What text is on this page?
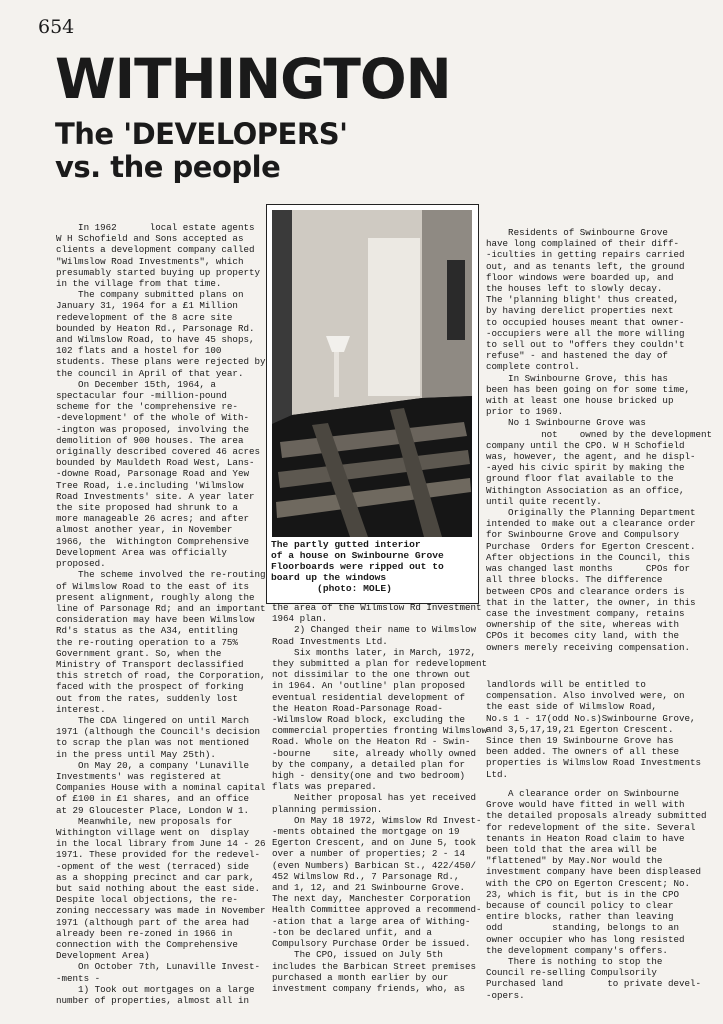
654
WITHINGTON
The 'DEVELOPERS'
vs. the people
In 1962      local estate agents
W H Schofield and Sons accepted as
clients a development company called
"Wilmslow Road Investments", which
presumably started buying up property
in the village from that time.
The company submitted plans on
January 31, 1964 for a £1 Million
redevelopment of the 8 acre site
bounded by Heaton Rd., Parsonage Rd.
and Wilmslow Road, to have 45 shops,
102 flats and a hostel for 100
students. These plans were rejected by
the council in April of that year.
On December 15th, 1964, a
spectacular four -million-pound
scheme for the 'comprehensive re-
-development' of the whole of With-
-ington was proposed, involving the
demolition of 900 houses. The area
originally described covered 46 acres
bounded by Mauldeth Road West, Lans-
-downe Road, Parsonage Road and Yew
Tree Road, i.e.including 'Wilmslow
Road Investments' site. A year later
the site proposed had shrunk to a
more manageable 26 acres; and after
almost another year, in November
1966, the  Withington Comprehensive
Development Area was officially
proposed.
The scheme involved the re-routing
of Wilmslow Road to the east of its
present alignment, roughly along the
line of Parsonage Rd; and an important
consideration may have been Wilmslow
Rd's status as the A34, entitling
the re-routing operation to a 75%
Government grant. So, when the
Ministry of Transport declassified
this stretch of road, the Corporation,
faced with the prospect of forking
out from the rates, suddenly lost
interest.
The CDA lingered on until March
1971 (although the Council's decision
to scrap the plan was not mentioned
in the press until May 25th).
On May 20, a company 'Lunaville
Investments' was registered at
Companies House with a nominal capital
of £100 in £1 shares, and an office
at 29 Gloucester Place, London W 1.
Meanwhile, new proposals for
Withington village went on  display
in the local library from June 14 - 26
1971. These provided for the redevel-
-opment of the west (terraced) side
as a shopping precinct and car park,
but said nothing about the east side.
Despite local objections, the re-
zoning neccessary was made in November
1971 (although part of the area had
already been re-zoned in 1966 in
connection with the Comprehensive
Development Area)
On October 7th, Lunaville Invest-
-ments -
1) Took out mortgages on a large
number of properties, almost all in

The partly gutted interior
of a house on Swinbourne Grove
Floorboards were ripped out to
board up the windows
(photo: MOLE)

the area of the Wilmslow Rd Investment
1964 plan.
2) Changed their name to Wilmslow
Road Investments Ltd.
Six months later, in March, 1972,
they submitted a plan for redevelopment
not dissimilar to the one thrown out
in 1964. An 'outline' plan proposed
eventual residential development of
the Heaton Road-Parsonage Road-
-Wilmslow Road block, excluding the
commercial properties fronting Wilmslow
Road. Whole on the Heaton Rd - Swin-
-bourne    site, already wholly owned
by the company, a detailed plan for
high - density(one and two bedroom)
flats was prepared.
Neither proposal has yet received
planning permission.
On May 18 1972, Wimslow Rd Invest-
-ments obtained the mortgage on 19
Egerton Crescent, and on June 5, took
over a number of properties; 2 - 14
(even Numbers) Barbican St., 422/450/
452 Wilmslow Rd., 7 Parsonage Rd.,
and 1, 12, and 21 Swinbourne Grove.
The next day, Manchester Corporation
Health Committee approved a recommend-
-ation that a large area of Withing-
-ton be declared unfit, and a
Compulsory Purchase Order be issued.
The CPO, issued on July 5th
includes the Barbican Street premises
purchased a month earlier by our
investment company friends, who, as
Residents of Swinbourne Grove
have long complained of their diff-
-iculties in getting repairs carried
out, and as tenants left, the ground
floor windows were boarded up, and
the houses left to slowly decay.
The 'planning blight' thus created,
by having derelict properties next
to occupied houses meant that owner-
-occupiers were all the more willing
to sell out to "offers they couldn't
refuse" - and hastened the day of
complete control.
In Swinbourne Grove, this has
been has been going on for some time,
with at least one house bricked up
prior to 1969.
No 1 Swinbourne Grove was
not    owned by the development
company until the CPO. W H Schofield
was, however, the agent, and he displ-
-ayed his civic spirit by making the
ground floor flat available to the
Withington Association as an office,
until quite recently.
Originally the Planning Department
intended to make out a clearance order
for Swinbourne Grove and Compulsory
Purchase  Orders for Egerton Crescent.
After objections in the Council, this
was changed last months      CPOs for
all three blocks. The difference
between CPOs and clearance orders is
that in the latter, the owner, in this
case the investment company, retains
ownership of the site, whereas with
CPOs it becomes city land, with the
owners merely receiving compensation.
landlords will be entitled to
compensation. Also involved were, on
the east side of Wilmslow Road,
No.s 1 - 17(odd No.s)Swinbourne Grove,
and 3,5,17,19,21 Egerton Crescent.
Since then 19 Swinbourne Grove has
been added. The owners of all these
properties is Wilmslow Road Investments
Ltd.
A clearance order on Swinbourne
Grove would have fitted in well with
the detailed proposals already submitted
for redevelopment of the site. Several
tenants in Heaton Road claim to have
been told that the area will be
"flattened" by May.Nor would the
investment company have been displeased
with the CPO on Egerton Crescent; No.
23, which is fit, but is in the CPO
because of council policy to clear
entire blocks, rather than leaving
odd         standing, belongs to an
owner occupier who has long resisted
the development company's offers.
There is nothing to stop the
Council re-selling Compulsorily
Purchased land        to private devel-
-opers.
